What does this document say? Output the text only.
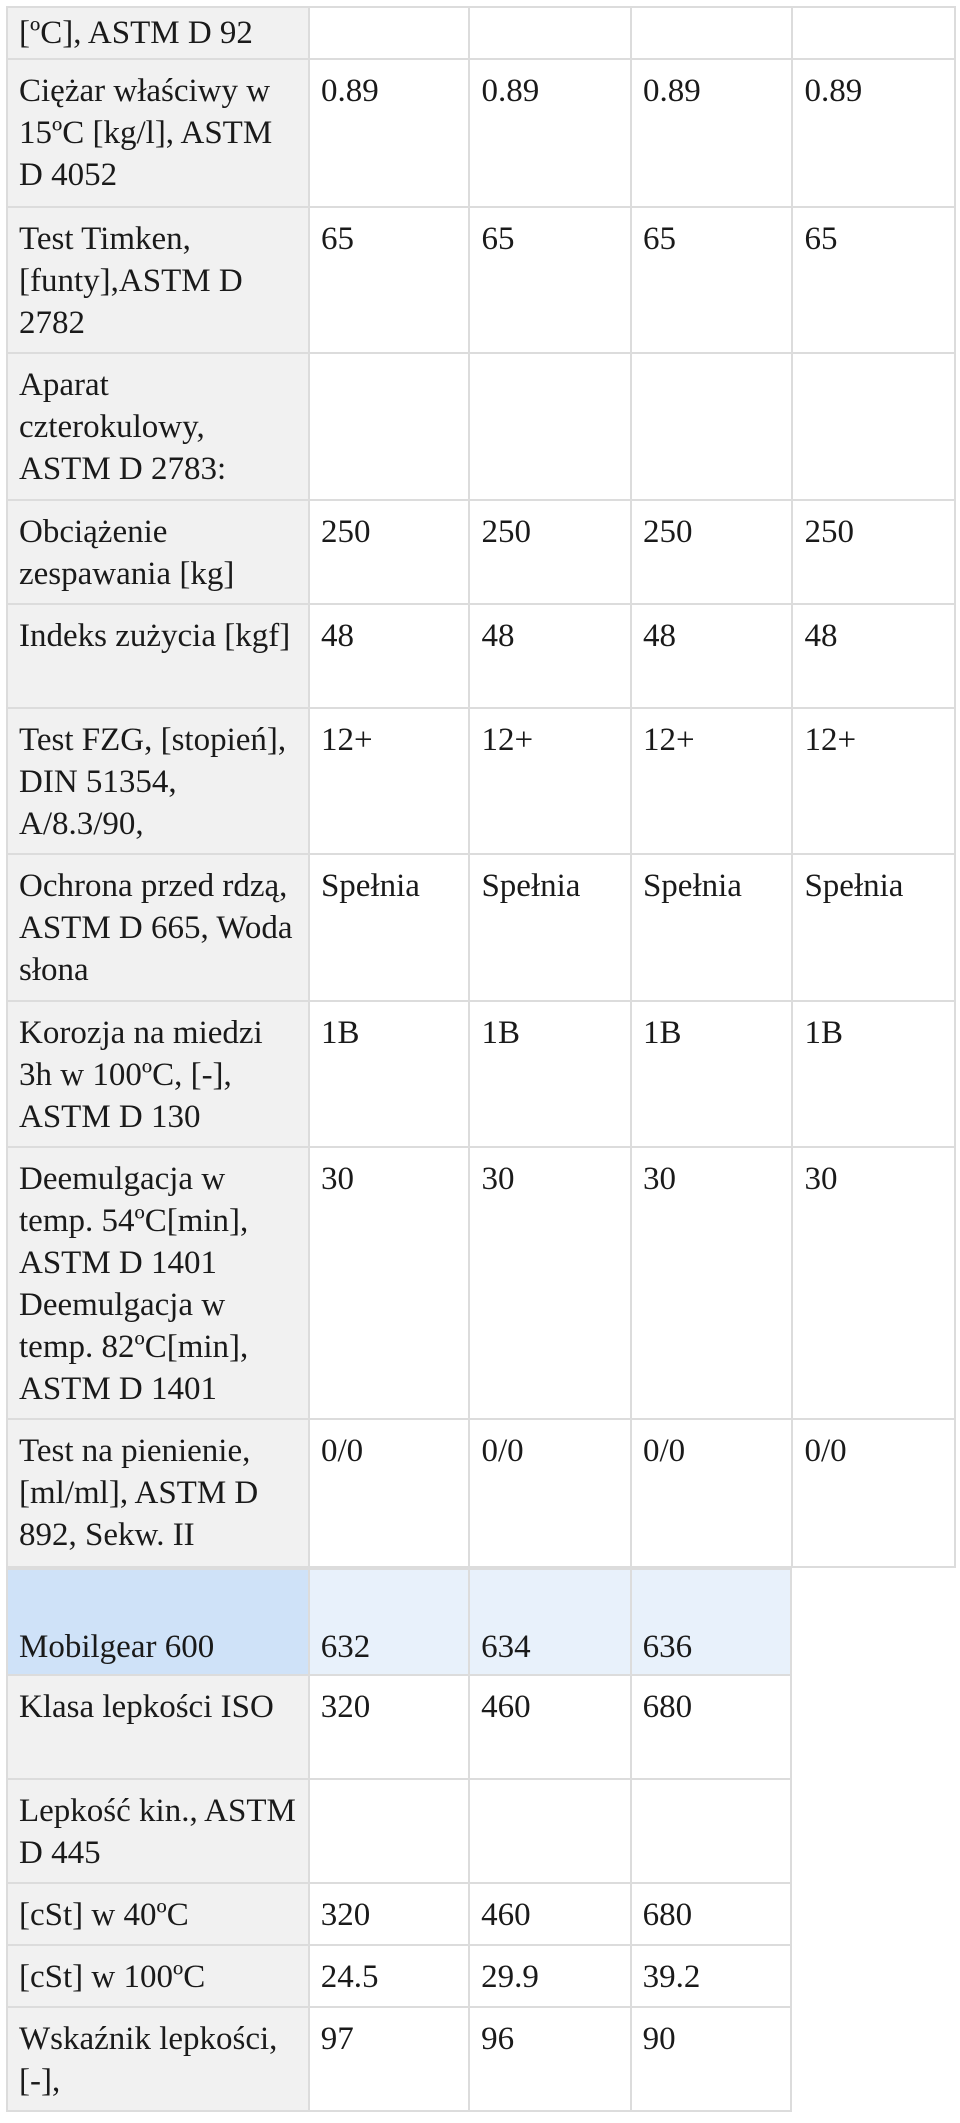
[ºC], ASTM D 92				
Ciężar właściwy w 15ºC [kg/l], ASTM D 4052	0.89	0.89	0.89	0.89
Test Timken, [funty],ASTM D 2782	65	65	65	65
Aparat czterokulowy, ASTM D 2783:				
Obciążenie zespawania [kg]	250	250	250	250
Indeks zużycia [kgf]	48	48	48	48
Test FZG, [stopień], DIN 51354, A/8.3/90,	12+	12+	12+	12+
Ochrona przed rdzą, ASTM D 665, Woda słona	Spełnia	Spełnia	Spełnia	Spełnia
Korozja na miedzi 3h w 100ºC, [-], ASTM D 130	1B	1B	1B	1B
Deemulgacja w temp. 54ºC[min], ASTM D 1401 Deemulgacja w temp. 82ºC[min], ASTM D 1401	30	30	30	30
Test na pienienie, [ml/ml], ASTM D 892, Sekw. II	0/0	0/0	0/0	0/0
Mobilgear 600	632	634	636
Klasa lepkości ISO	320	460	680
Lepkość kin., ASTM D 445			
[cSt] w 40ºC	320	460	680
[cSt] w 100ºC	24.5	29.9	39.2
Wskaźnik lepkości, [-],	97	96	90
